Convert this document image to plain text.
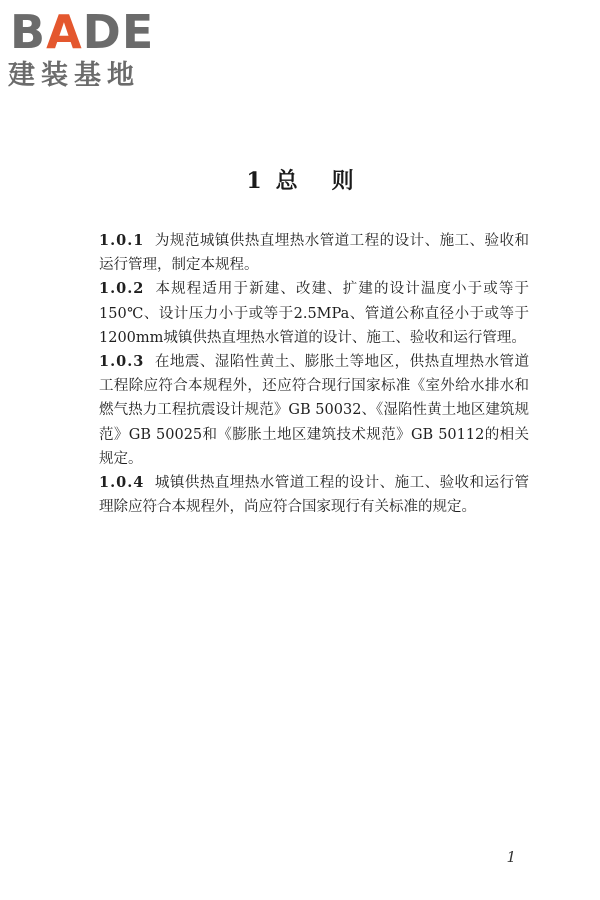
BADE
建装基地
1 总 则

1.0.1 为规范城镇供热直埋热水管道工程的设计、施工、验收和运行管理，制定本规程。

1.0.2 本规程适用于新建、改建、扩建的设计温度小于或等于150℃、设计压力小于或等于2.5MPa、管道公称直径小于或等于1200mm城镇供热直埋热水管道的设计、施工、验收和运行管理。

1.0.3 在地震、湿陷性黄土、膨胀土等地区，供热直埋热水管道工程除应符合本规程外，还应符合现行国家标准《室外给水排水和燃气热力工程抗震设计规范》GB 50032、《湿陷性黄土地区建筑规范》GB 50025和《膨胀土地区建筑技术规范》GB 50112的相关规定。

1.0.4 城镇供热直埋热水管道工程的设计、施工、验收和运行管理除应符合本规程外，尚应符合国家现行有关标准的规定。

1
